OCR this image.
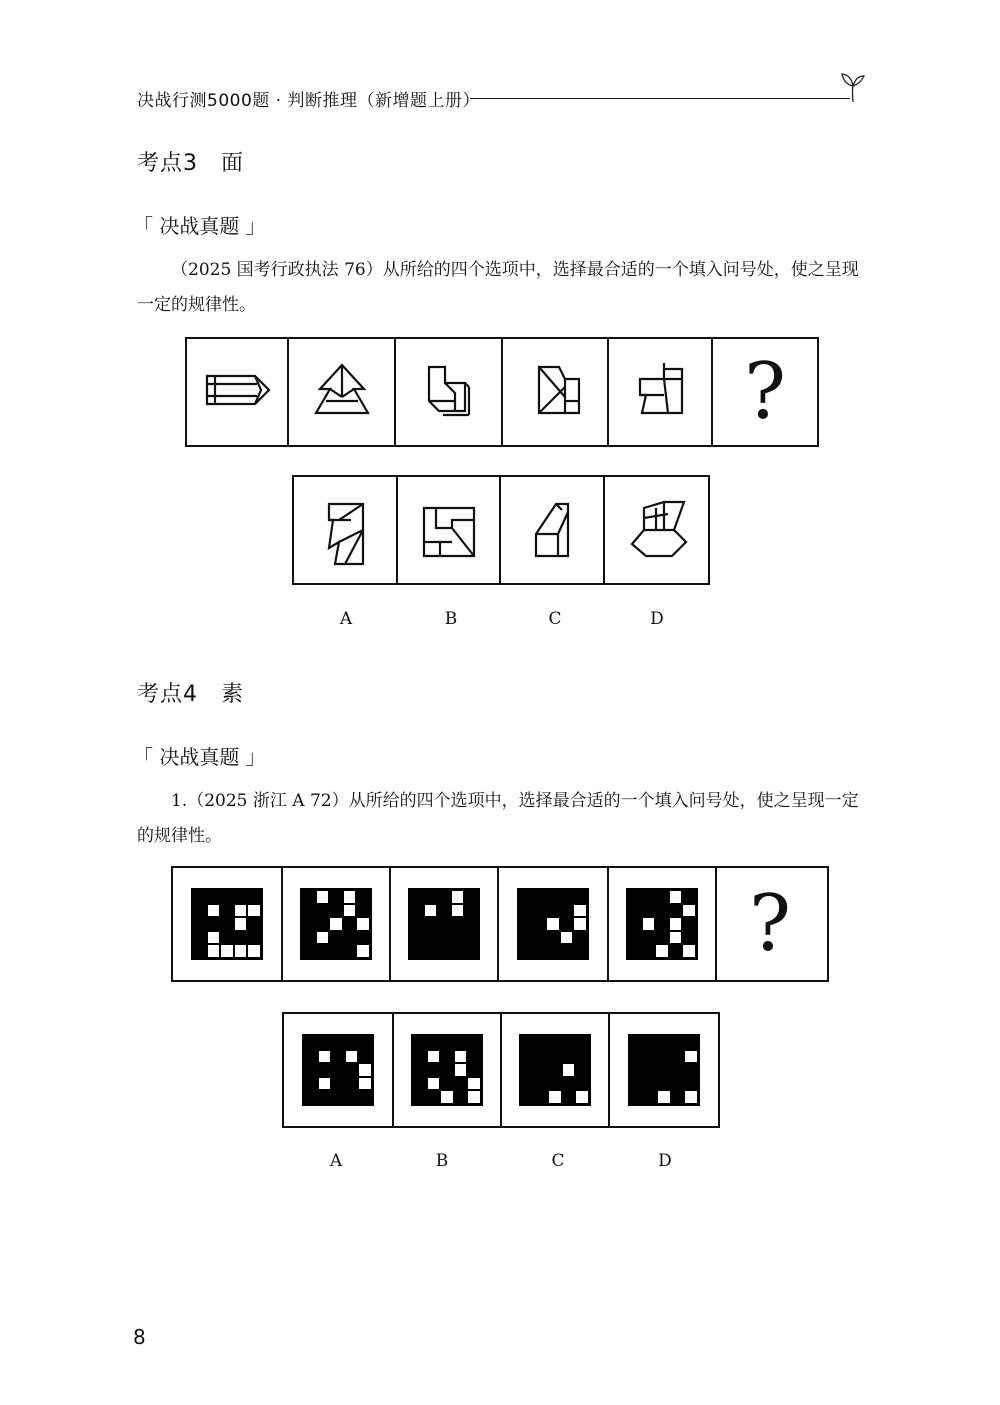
决战行测5000题 · 判断推理（新增题上册）
考点3　面
「 决战真题 」
（2025 国考行政执法 76）从所给的四个选项中，选择最合适的一个填入问号处，使之呈现一定的规律性。
?
A	B	C	D
考点4　素
「 决战真题 」
1.（2025 浙江 A 72）从所给的四个选项中，选择最合适的一个填入问号处，使之呈现一定的规律性。
?
A	B	C	D
8
